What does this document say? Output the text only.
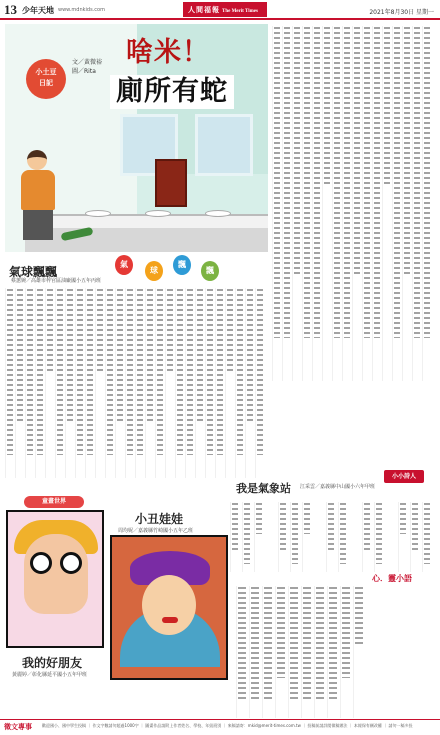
13 少年天地 www.mdnkids.com	人間福報 The Merit Times	2021年8月30日 星期一
小土豆
日記
文／黃微裕 圖／Rita
啥米！
廁所有蛇
氣球飄飄
蔡蕙婉／高雄市梓官區油廠國小五年丙班
氣
球
飄
飄
我是氣象站 江采雲／嘉義縣中山國小六年甲班
小小詩人
心．靈小語
童畫世界
我的好朋友
黃麗婷／彰化縣延平國小五年甲班
小丑娃娃
周均妮／嘉義縣竹崎國小五年乙班
徵文專事	歡迎國小、國中學生投稿 ｜ 作文字數請勿超過1000字 ｜ 圖畫作品請附上作者姓名、學校、年級班別 ｜ 來稿請寄：mkid@merit-times.com.tw ｜ 投稿前請詳閱徵稿辦法 ｜ 本報保有刪改權 ｜ 請勿一稿多投
